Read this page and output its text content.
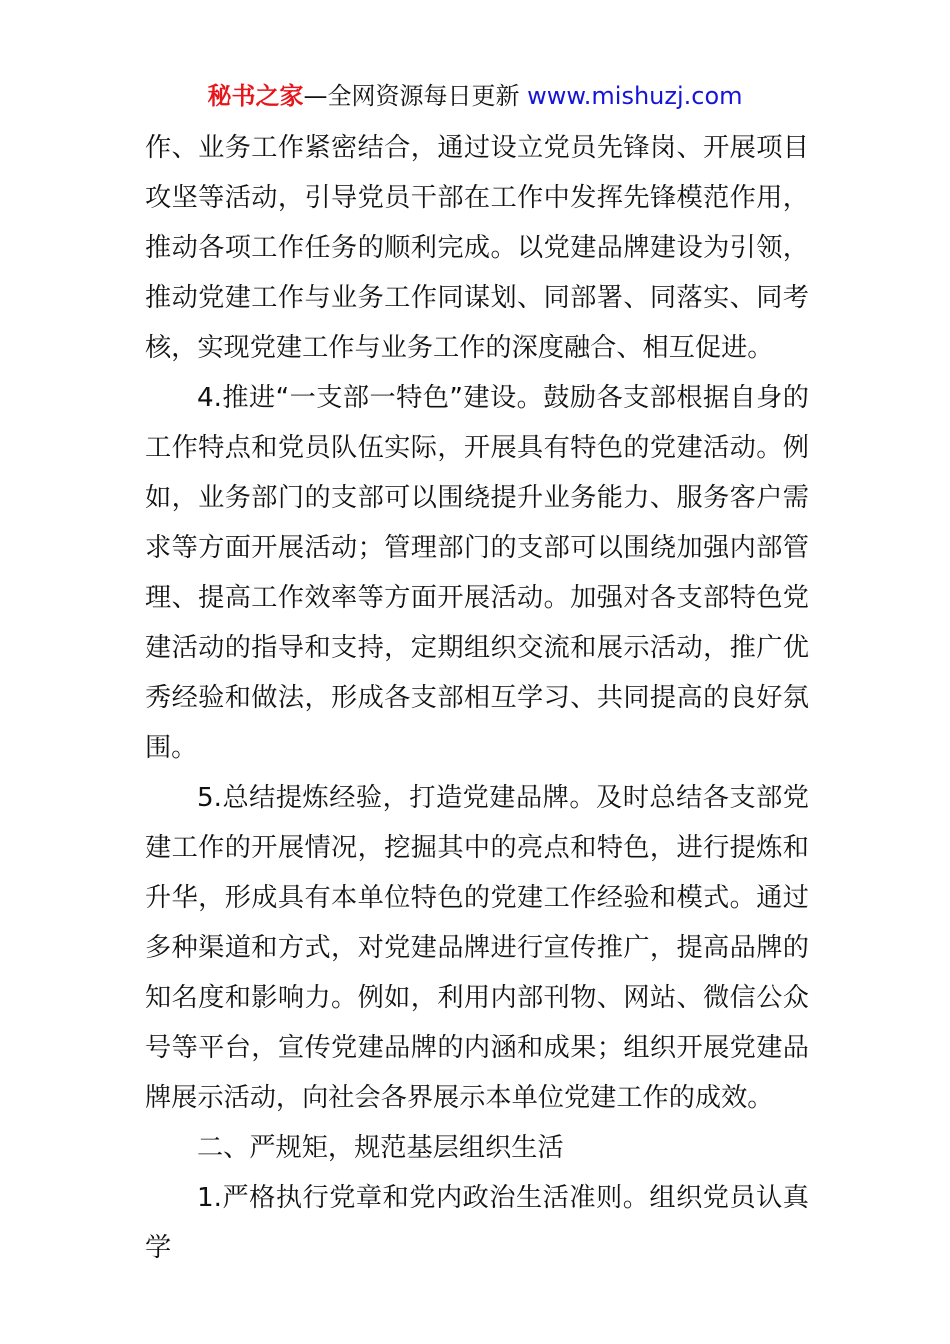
秘书之家—全网资源每日更新 www.mishuzj.com

作、业务工作紧密结合，通过设立党员先锋岗、开展项目攻坚等活动，引导党员干部在工作中发挥先锋模范作用，推动各项工作任务的顺利完成。以党建品牌建设为引领，推动党建工作与业务工作同谋划、同部署、同落实、同考核，实现党建工作与业务工作的深度融合、相互促进。

4.推进“一支部一特色”建设。鼓励各支部根据自身的工作特点和党员队伍实际，开展具有特色的党建活动。例如，业务部门的支部可以围绕提升业务能力、服务客户需求等方面开展活动；管理部门的支部可以围绕加强内部管理、提高工作效率等方面开展活动。加强对各支部特色党建活动的指导和支持，定期组织交流和展示活动，推广优秀经验和做法，形成各支部相互学习、共同提高的良好氛围。

5.总结提炼经验，打造党建品牌。及时总结各支部党建工作的开展情况，挖掘其中的亮点和特色，进行提炼和升华，形成具有本单位特色的党建工作经验和模式。通过多种渠道和方式，对党建品牌进行宣传推广，提高品牌的知名度和影响力。例如，利用内部刊物、网站、微信公众号等平台，宣传党建品牌的内涵和成果；组织开展党建品牌展示活动，向社会各界展示本单位党建工作的成效。

二、严规矩，规范基层组织生活

1.严格执行党章和党内政治生活准则。组织党员认真学
